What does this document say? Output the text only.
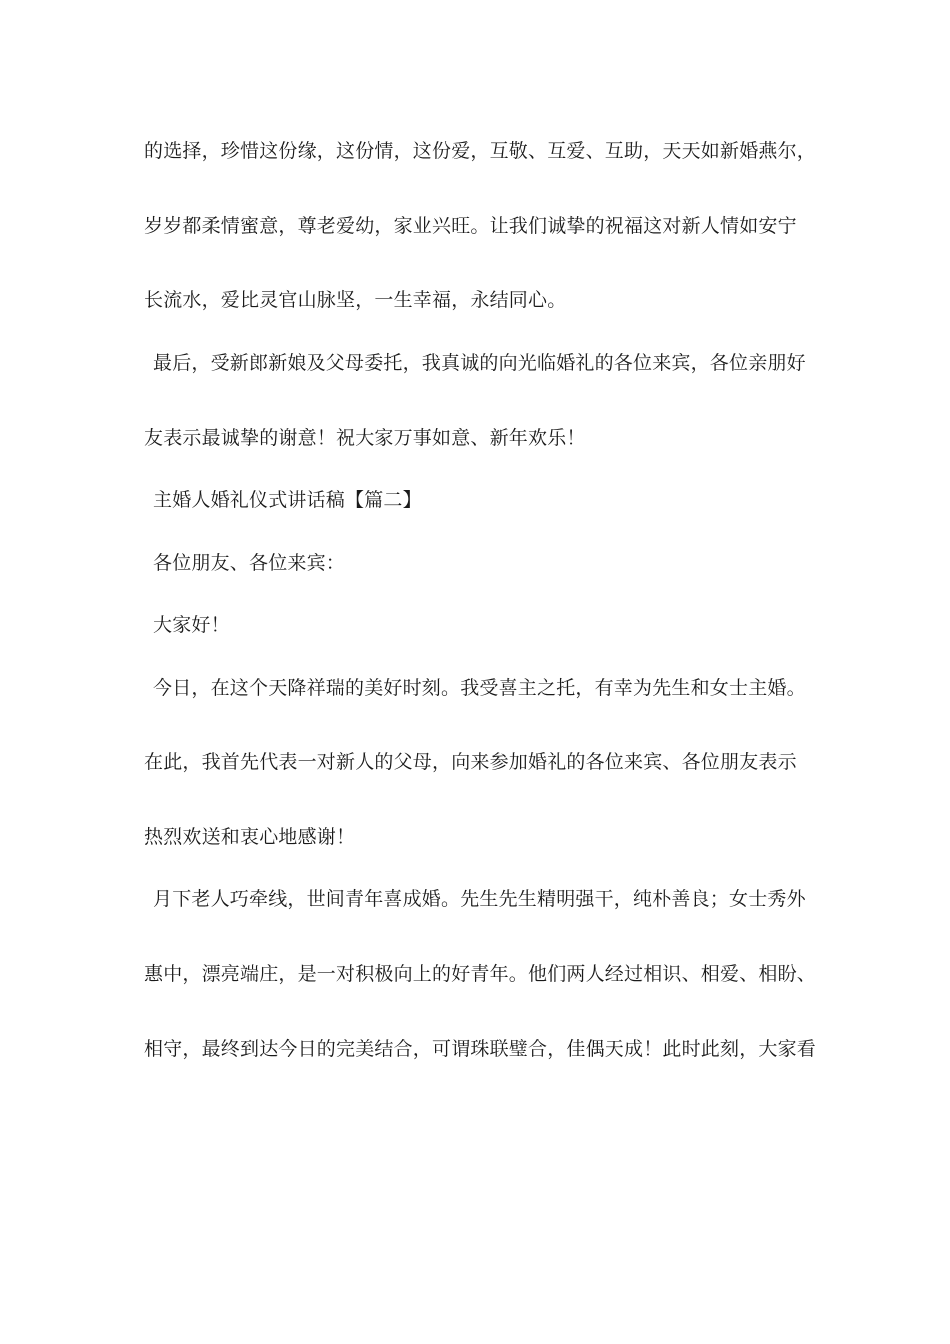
的选择，珍惜这份缘，这份情，这份爱，互敬、互爱、互助，天天如新婚燕尔，
岁岁都柔情蜜意，尊老爱幼，家业兴旺。让我们诚挚的祝福这对新人情如安宁
长流水，爱比灵官山脉坚，一生幸福，永结同心。
最后，受新郎新娘及父母委托，我真诚的向光临婚礼的各位来宾，各位亲朋好
友表示最诚挚的谢意！祝大家万事如意、新年欢乐！
主婚人婚礼仪式讲话稿【篇二】
各位朋友、各位来宾：
大家好！
今日，在这个天降祥瑞的美好时刻。我受喜主之托，有幸为先生和女士主婚。
在此，我首先代表一对新人的父母，向来参加婚礼的各位来宾、各位朋友表示
热烈欢送和衷心地感谢！
月下老人巧牵线，世间青年喜成婚。先生先生精明强干，纯朴善良；女士秀外
惠中，漂亮端庄，是一对积极向上的好青年。他们两人经过相识、相爱、相盼、
相守，最终到达今日的完美结合，可谓珠联璧合，佳偶天成！此时此刻，大家看
